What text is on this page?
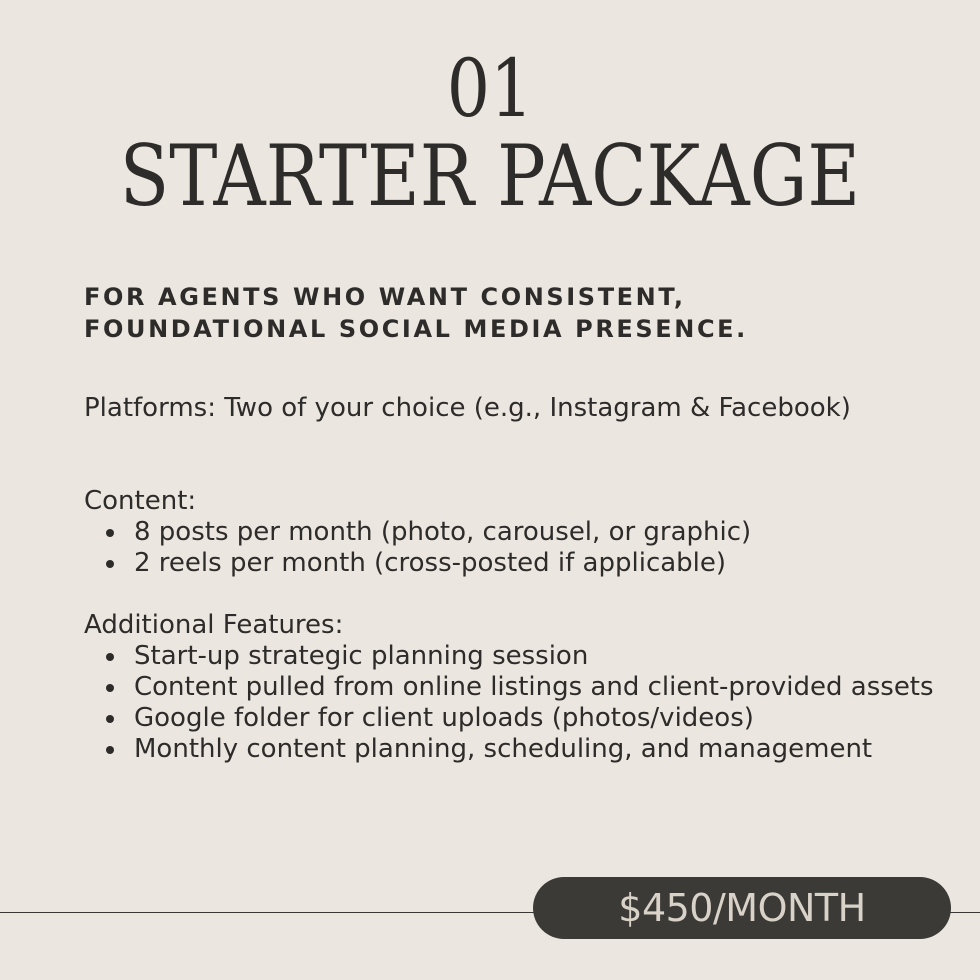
01
STARTER PACKAGE

FOR AGENTS WHO WANT CONSISTENT, FOUNDATIONAL SOCIAL MEDIA PRESENCE.

Platforms: Two of your choice (e.g., Instagram & Facebook)

Content:

8 posts per month (photo, carousel, or graphic)
2 reels per month (cross-posted if applicable)

Additional Features:

Start-up strategic planning session
Content pulled from online listings and client-provided assets
Google folder for client uploads (photos/videos)
Monthly content planning, scheduling, and management
$450/MONTH
